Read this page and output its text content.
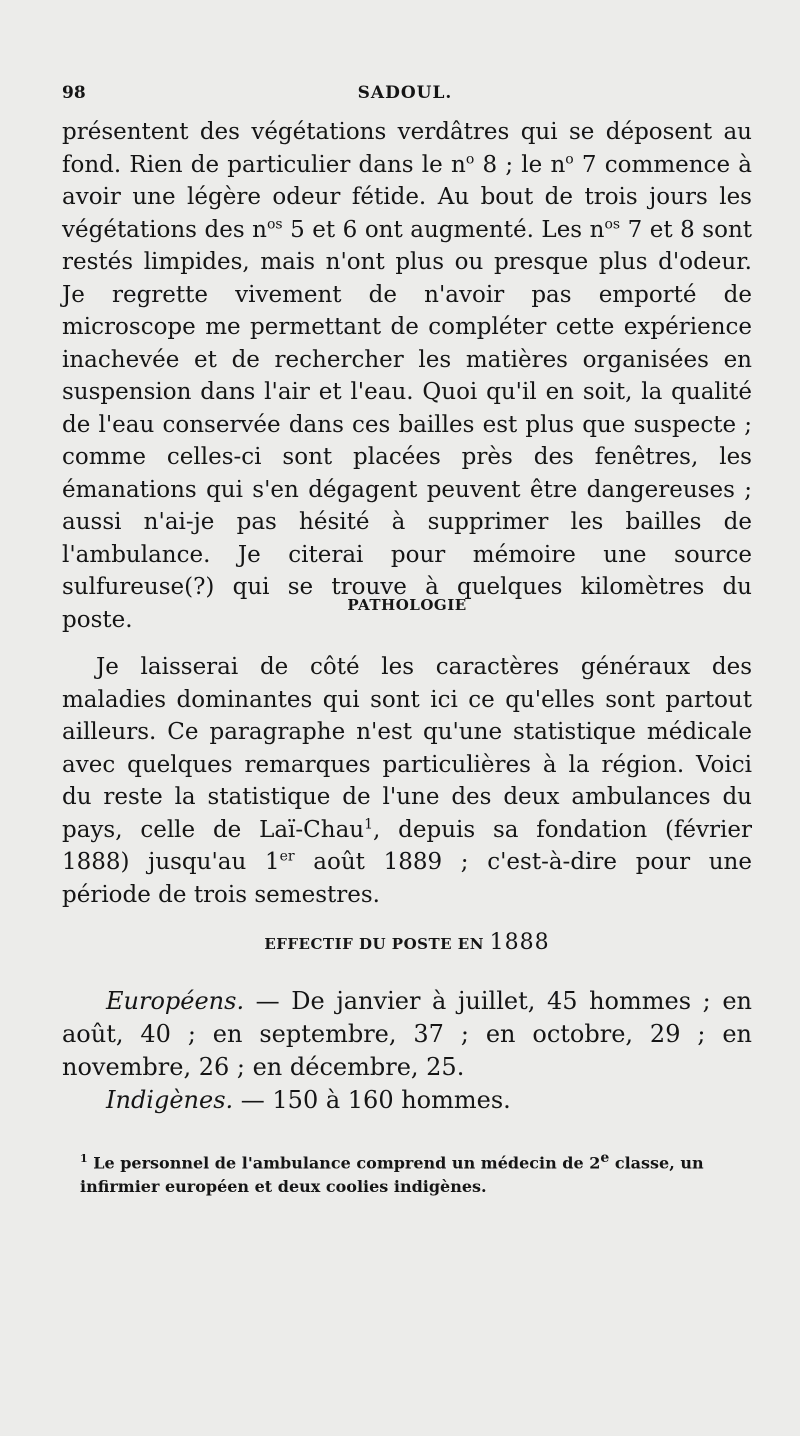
98	SADOUL.

présentent des végétations verdâtres qui se déposent au fond. Rien de particulier dans le $n^o$ 8 ; le $n^o$ 7 commence à avoir une légère odeur fétide. Au bout de trois jours les végétations des $n^{os}$ 5 et 6 ont augmenté. Les $n^{os}$ 7 et 8 sont restés limpides, mais n'ont plus ou presque plus d'odeur. Je regrette vivement de n'avoir pas emporté de microscope me permettant de compléter cette expérience inachevée et de rechercher les matières organisées en suspension dans l'air et l'eau. Quoi qu'il en soit, la qualité de l'eau conservée dans ces bailles est plus que suspecte ; comme celles-ci sont placées près des fenêtres, les émanations qui s'en dégagent peuvent être dangereuses ; aussi n'ai-je pas hésité à supprimer les bailles de l'ambulance. Je citerai pour mémoire une source sulfureuse(?) qui se trouve à quelques kilomètres du poste.

PATHOLOGIE

Je laisserai de côté les caractères généraux des maladies dominantes qui sont ici ce qu'elles sont partout ailleurs. Ce paragraphe n'est qu'une statistique médicale avec quelques remarques particulières à la région. Voici du reste la statistique de l'une des deux ambulances du pays, celle de Laï-Chau$^1$, depuis sa fondation (février 1888) jusqu'au 1er août 1889 ; c'est-à-dire pour une période de trois semestres.

EFFECTIF DU POSTE EN 1888

Européens. — De janvier à juillet, 45 hommes ; en août, 40 ; en septembre, 37 ; en octobre, 29 ; en novembre, 26 ; en décembre, 25.

Indigènes. — 150 à 160 hommes.

$^1$ Le personnel de l'ambulance comprend un médecin de 2e classe, un infirmier européen et deux coolies indigènes.
